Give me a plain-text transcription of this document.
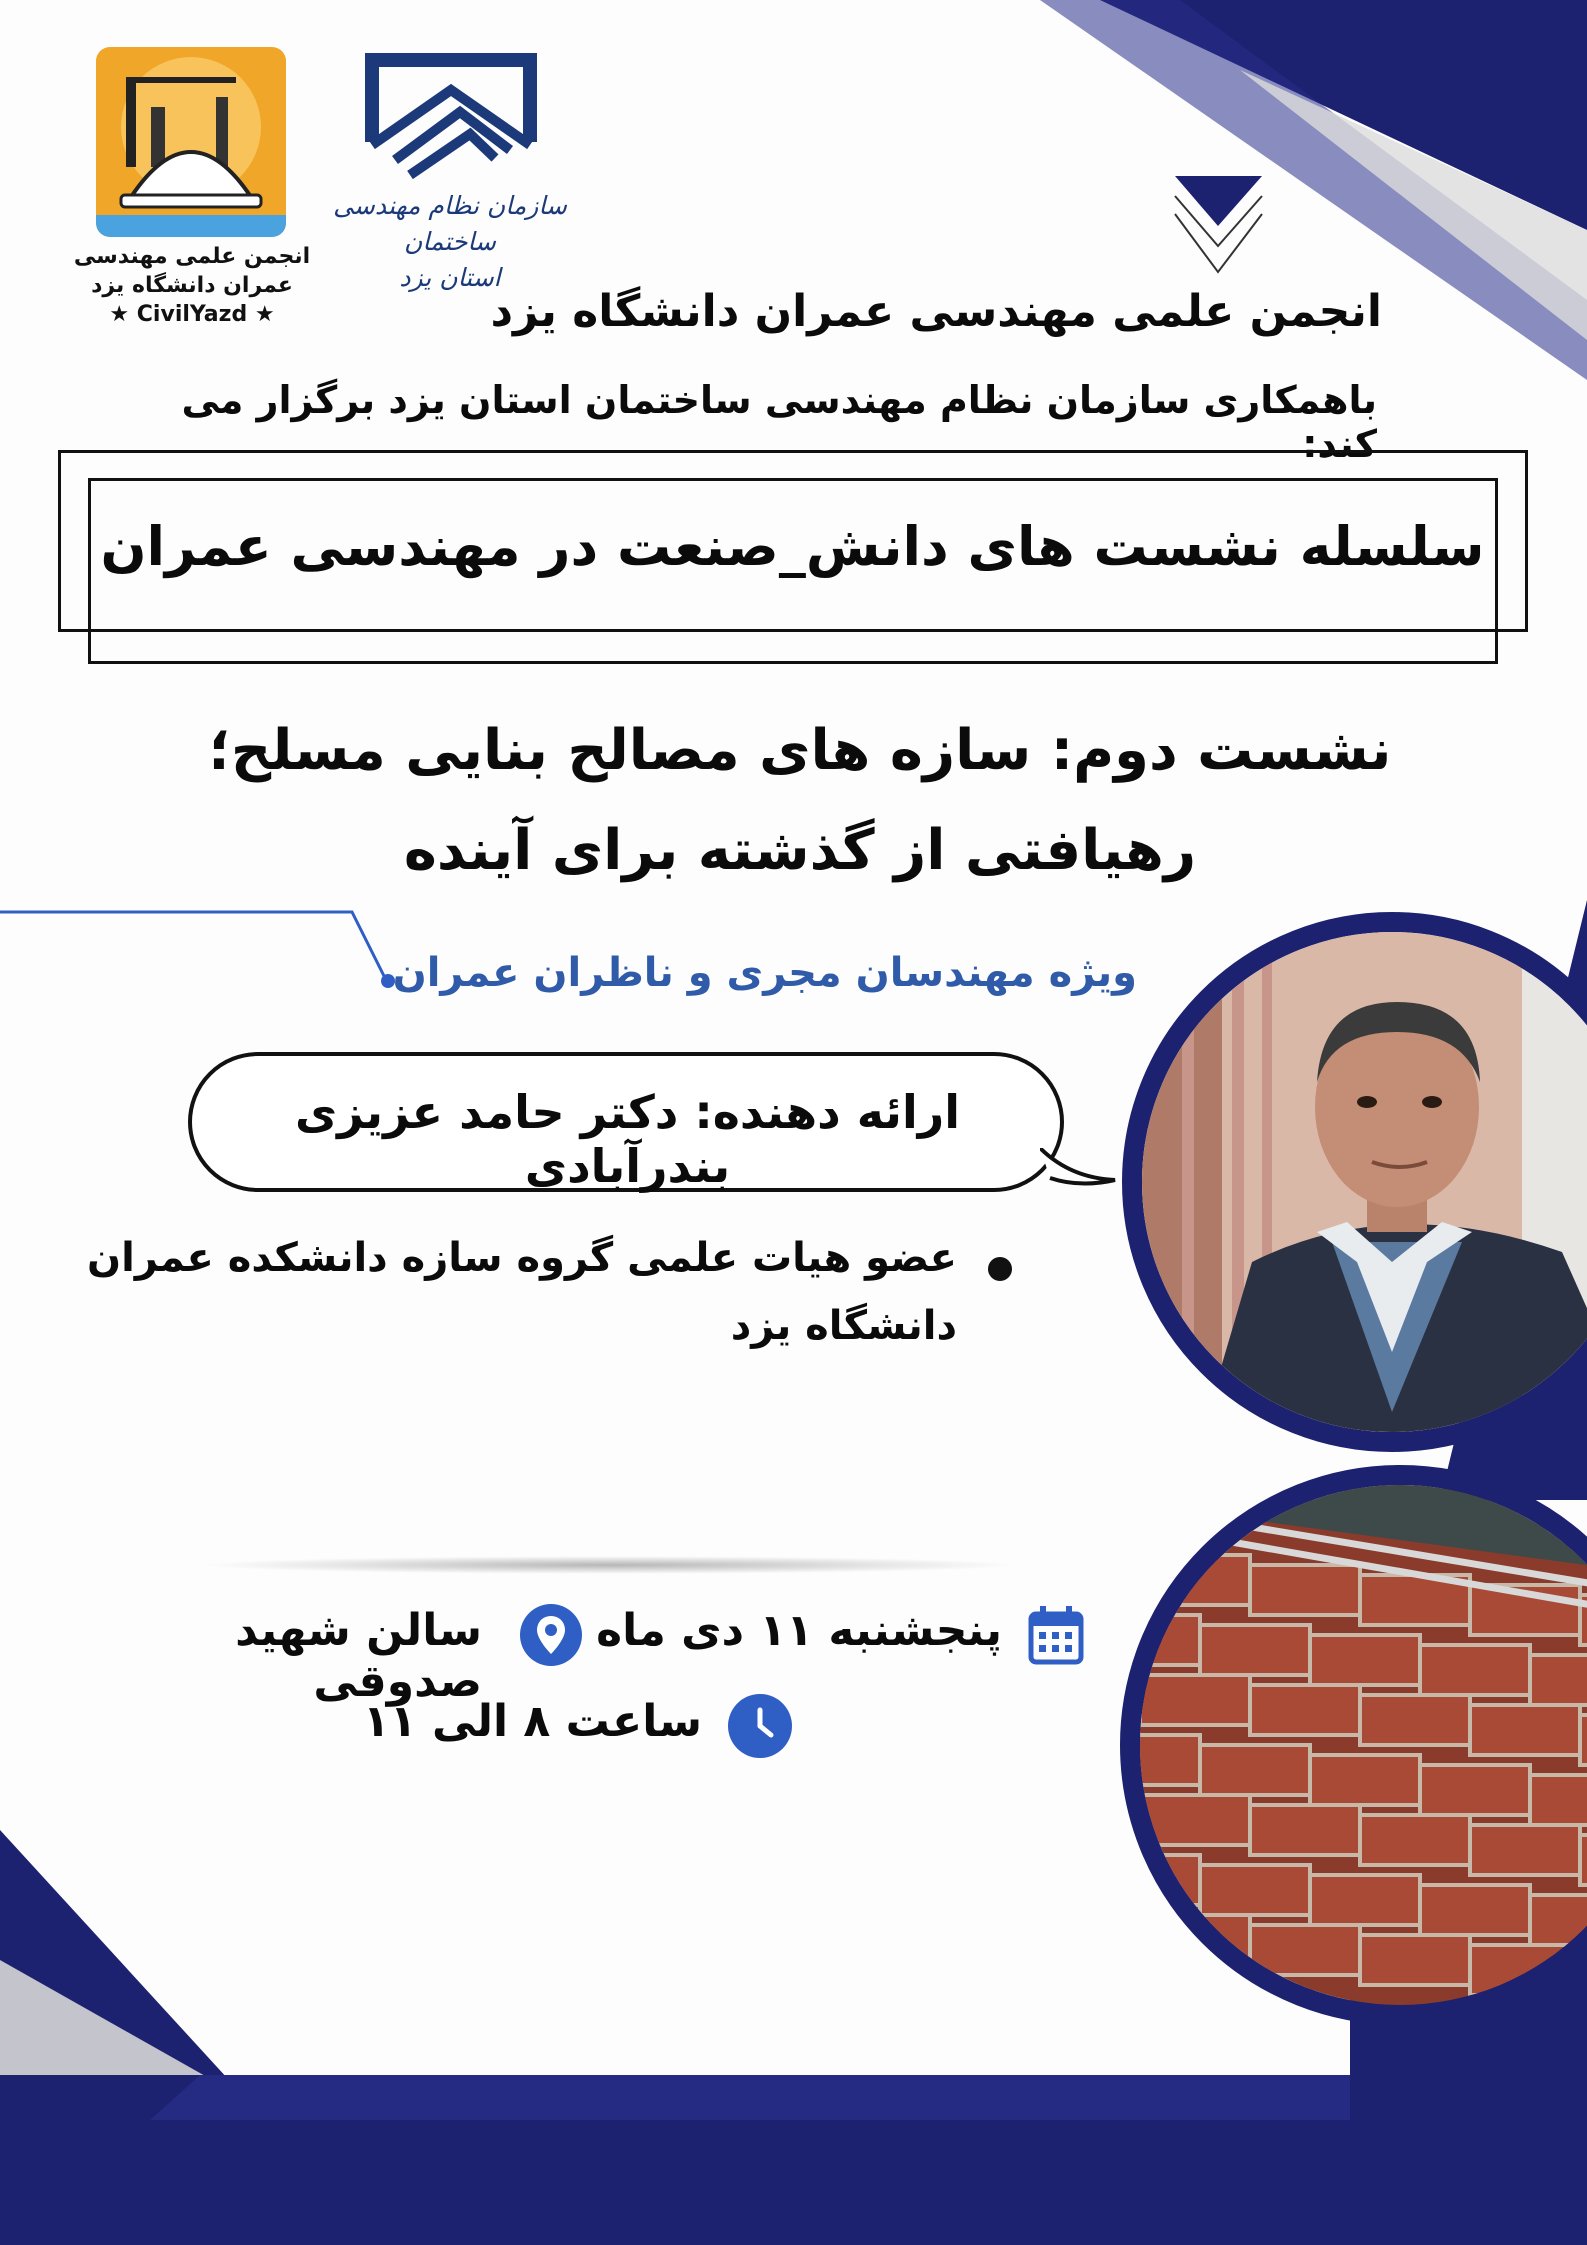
انجمن علمی مهندسی
عمران دانشگاه یزد
★ CivilYazd ★
سازمان نظام مهندسی ساختمان
استان یزد
انجمن علمی مهندسی عمران دانشگاه یزد
باهمکاری سازمان نظام مهندسی ساختمان استان یزد برگزار می کند:
سلسله نشست های دانش_صنعت در مهندسی عمران
نشست دوم: سازه های مصالح بنایی مسلح؛
رهیافتی از گذشته برای آینده
ویژه مهندسان مجری و ناظران عمران
ارائه دهنده: دکتر حامد عزیزی بندرآبادی
عضو هیات علمی گروه سازه دانشکده عمران
دانشگاه یزد
پنجشنبه ۱۱ دی ماه
سالن شهید صدوقی
ساعت ۸ الی ۱۱
